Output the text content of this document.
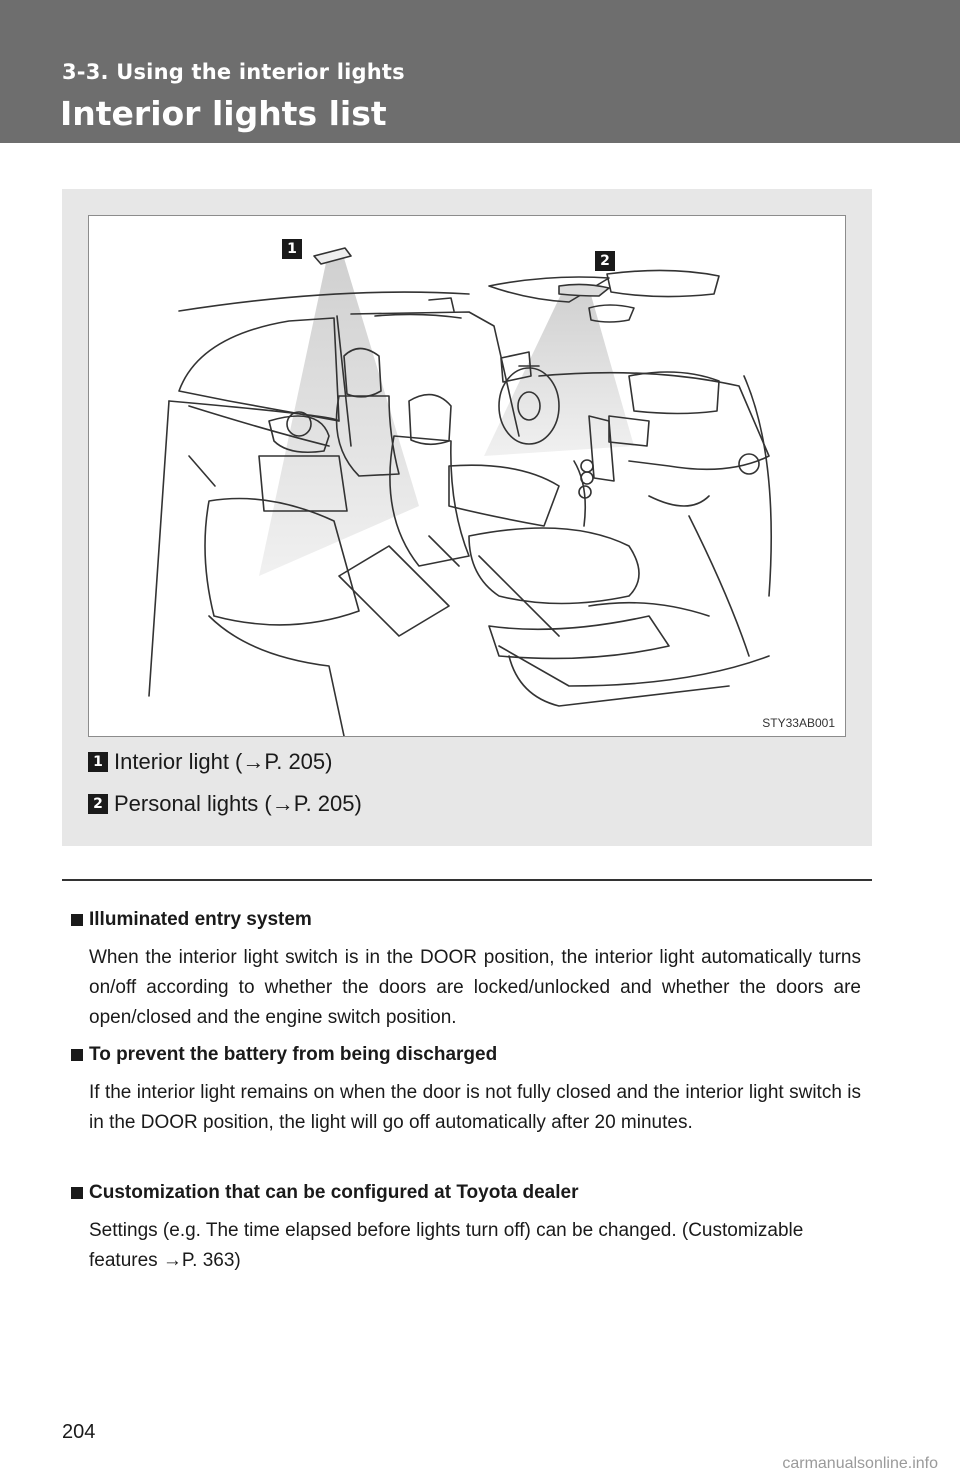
3-3. Using the interior lights
Interior lights list
1
2
STY33AB001
1 Interior light (→P. 205)
2 Personal lights (→P. 205)

Illuminated entry system

When the interior light switch is in the DOOR position, the interior light automatically turns on/off according to whether the doors are locked/unlocked and whether the doors are open/closed and the engine switch position.

To prevent the battery from being discharged

If the interior light remains on when the door is not fully closed and the interior light switch is in the DOOR position, the light will go off automatically after 20 minutes.

Customization that can be configured at Toyota dealer

Settings (e.g. The time elapsed before lights turn off) can be changed. (Customizable features →P. 363)

204
carmanualsonline.info
